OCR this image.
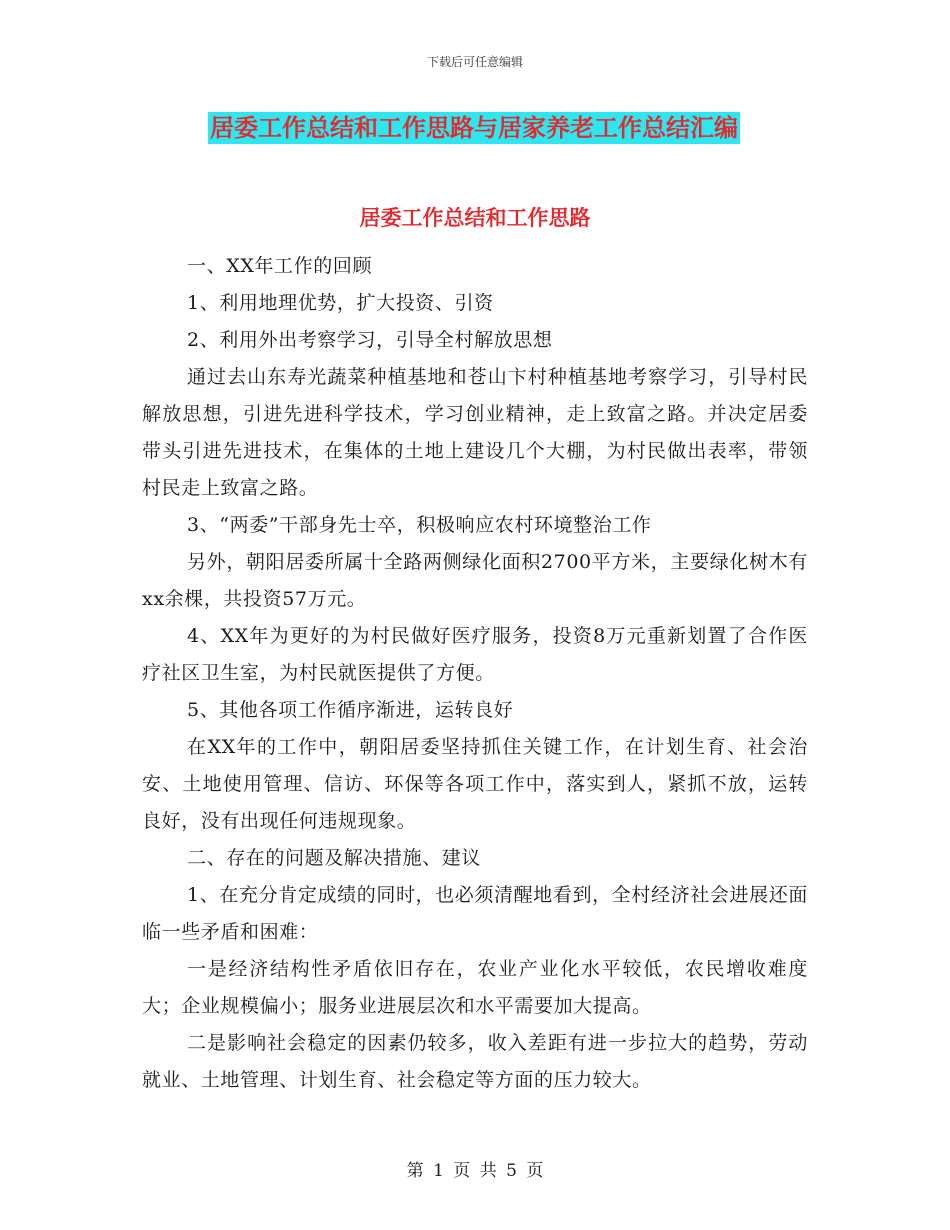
下载后可任意编辑
居委工作总结和工作思路与居家养老工作总结汇编
居委工作总结和工作思路

一、XX年工作的回顾

1、利用地理优势，扩大投资、引资

2、利用外出考察学习，引导全村解放思想

通过去山东寿光蔬菜种植基地和苍山卞村种植基地考察学习，引导村民解放思想，引进先进科学技术，学习创业精神，走上致富之路。并决定居委带头引进先进技术，在集体的土地上建设几个大棚，为村民做出表率，带领村民走上致富之路。

3、“两委”干部身先士卒，积极响应农村环境整治工作

另外，朝阳居委所属十全路两侧绿化面积2700平方米，主要绿化树木有xx余棵，共投资57万元。

4、XX年为更好的为村民做好医疗服务，投资8万元重新划置了合作医疗社区卫生室，为村民就医提供了方便。

5、其他各项工作循序渐进，运转良好

在XX年的工作中，朝阳居委坚持抓住关键工作，在计划生育、社会治安、土地使用管理、信访、环保等各项工作中，落实到人，紧抓不放，运转良好，没有出现任何违规现象。

二、存在的问题及解决措施、建议

1、在充分肯定成绩的同时，也必须清醒地看到，全村经济社会进展还面临一些矛盾和困难：

一是经济结构性矛盾依旧存在，农业产业化水平较低，农民增收难度大；企业规模偏小；服务业进展层次和水平需要加大提高。

二是影响社会稳定的因素仍较多，收入差距有进一步拉大的趋势，劳动就业、土地管理、计划生育、社会稳定等方面的压力较大。

第 1 页 共 5 页
